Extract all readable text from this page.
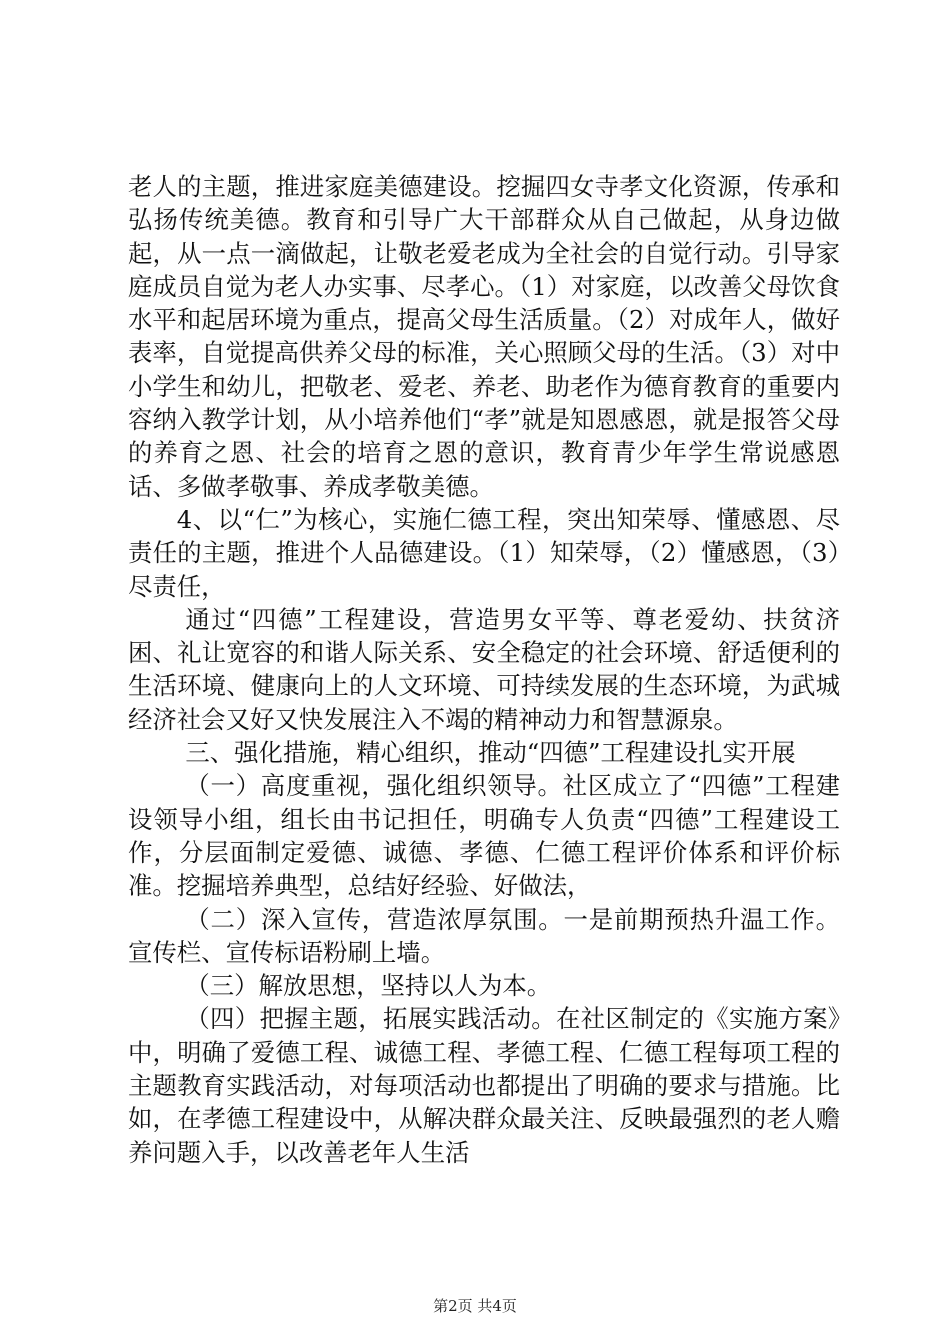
老人的主题，推进家庭美德建设。挖掘四女寺孝文化资源，传承和弘扬传统美德。教育和引导广大干部群众从自己做起，从身边做起，从一点一滴做起，让敬老爱老成为全社会的自觉行动。引导家庭成员自觉为老人办实事、尽孝心。（1）对家庭，以改善父母饮食水平和起居环境为重点，提高父母生活质量。（2）对成年人，做好表率，自觉提高供养父母的标准，关心照顾父母的生活。（3）对中小学生和幼儿，把敬老、爱老、养老、助老作为德育教育的重要内容纳入教学计划，从小培养他们“孝”就是知恩感恩，就是报答父母的养育之恩、社会的培育之恩的意识，教育青少年学生常说感恩话、多做孝敬事、养成孝敬美德。

4、以“仁”为核心，实施仁德工程，突出知荣辱、懂感恩、尽责任的主题，推进个人品德建设。（1）知荣辱，（2）懂感恩，（3）尽责任，

通过“四德”工程建设，营造男女平等、尊老爱幼、扶贫济困、礼让宽容的和谐人际关系、安全稳定的社会环境、舒适便利的生活环境、健康向上的人文环境、可持续发展的生态环境，为武城经济社会又好又快发展注入不竭的精神动力和智慧源泉。

三、强化措施，精心组织，推动“四德”工程建设扎实开展

（一）高度重视，强化组织领导。社区成立了“四德”工程建设领导小组，组长由书记担任，明确专人负责“四德”工程建设工作，分层面制定爱德、诚德、孝德、仁德工程评价体系和评价标准。挖掘培养典型，总结好经验、好做法，

（二）深入宣传，营造浓厚氛围。一是前期预热升温工作。宣传栏、宣传标语粉刷上墙。

（三）解放思想，坚持以人为本。

（四）把握主题，拓展实践活动。在社区制定的《实施方案》中，明确了爱德工程、诚德工程、孝德工程、仁德工程每项工程的主题教育实践活动，对每项活动也都提出了明确的要求与措施。比如，在孝德工程建设中，从解决群众最关注、反映最强烈的老人赡养问题入手，以改善老年人生活

第2页 共4页
